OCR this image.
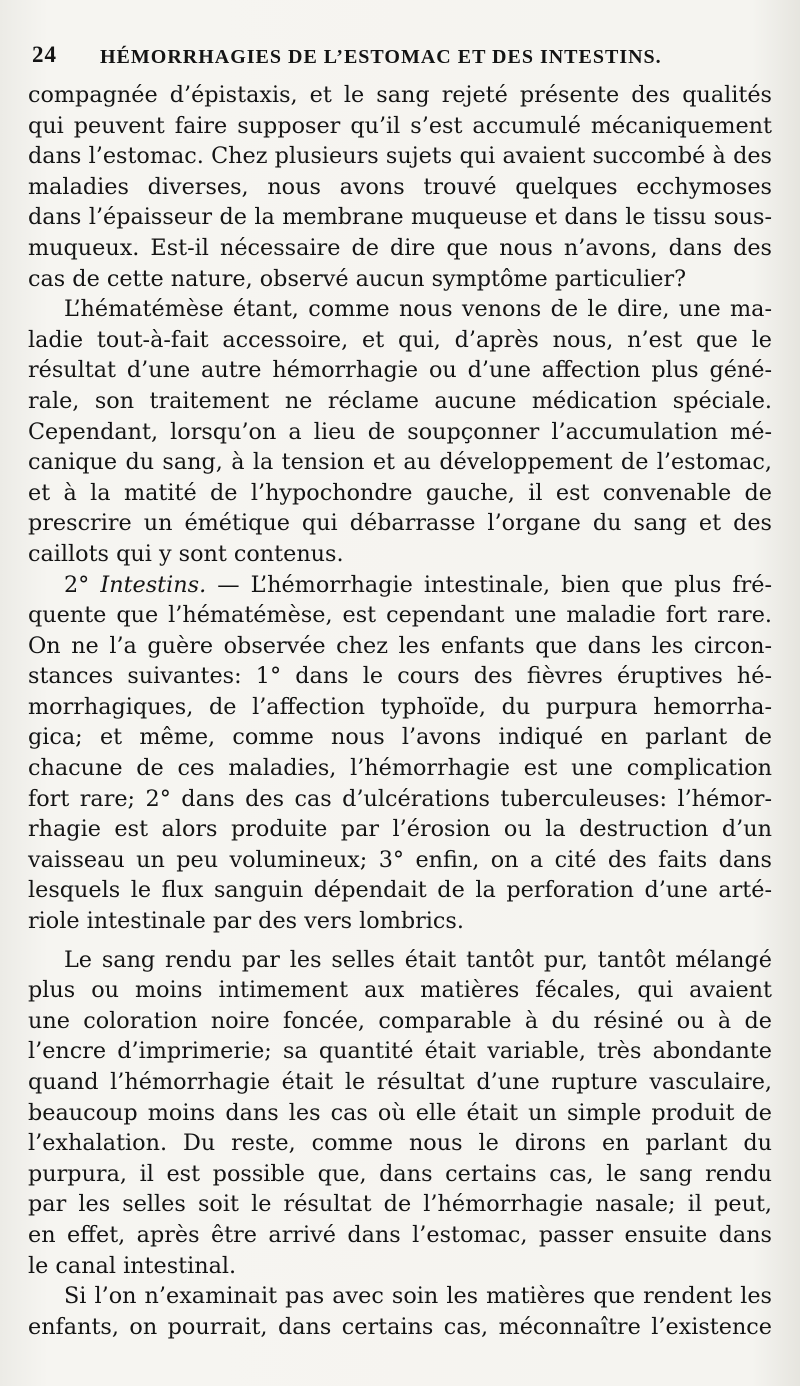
24 HÉMORRHAGIES DE L’ESTOMAC ET DES INTESTINS.
compagnée d’épistaxis, et le sang rejeté présente des qualités
qui peuvent faire supposer qu’il s’est accumulé mécaniquement
dans l’estomac. Chez plusieurs sujets qui avaient succombé à des
maladies diverses, nous avons trouvé quelques ecchymoses
dans l’épaisseur de la membrane muqueuse et dans le tissu sous-
muqueux. Est-il nécessaire de dire que nous n’avons, dans des
cas de cette nature, observé aucun symptôme particulier?
L’hématémèse étant, comme nous venons de le dire, une ma-
ladie tout-à-fait accessoire, et qui, d’après nous, n’est que le
résultat d’une autre hémorrhagie ou d’une affection plus géné-
rale, son traitement ne réclame aucune médication spéciale.
Cependant, lorsqu’on a lieu de soupçonner l’accumulation mé-
canique du sang, à la tension et au développement de l’estomac,
et à la matité de l’hypochondre gauche, il est convenable de
prescrire un émétique qui débarrasse l’organe du sang et des
caillots qui y sont contenus.
2° Intestins. — L’hémorrhagie intestinale, bien que plus fré-
quente que l’hématémèse, est cependant une maladie fort rare.
On ne l’a guère observée chez les enfants que dans les circon-
stances suivantes: 1° dans le cours des fièvres éruptives hé-
morrhagiques, de l’affection typhoïde, du purpura hemorrha-
gica; et même, comme nous l’avons indiqué en parlant de
chacune de ces maladies, l’hémorrhagie est une complication
fort rare; 2° dans des cas d’ulcérations tuberculeuses: l’hémor-
rhagie est alors produite par l’érosion ou la destruction d’un
vaisseau un peu volumineux; 3° enfin, on a cité des faits dans
lesquels le flux sanguin dépendait de la perforation d’une arté-
riole intestinale par des vers lombrics.
Le sang rendu par les selles était tantôt pur, tantôt mélangé
plus ou moins intimement aux matières fécales, qui avaient
une coloration noire foncée, comparable à du résiné ou à de
l’encre d’imprimerie; sa quantité était variable, très abondante
quand l’hémorrhagie était le résultat d’une rupture vasculaire,
beaucoup moins dans les cas où elle était un simple produit de
l’exhalation. Du reste, comme nous le dirons en parlant du
purpura, il est possible que, dans certains cas, le sang rendu
par les selles soit le résultat de l’hémorrhagie nasale; il peut,
en effet, après être arrivé dans l’estomac, passer ensuite dans
le canal intestinal.
Si l’on n’examinait pas avec soin les matières que rendent les
enfants, on pourrait, dans certains cas, méconnaître l’existence
